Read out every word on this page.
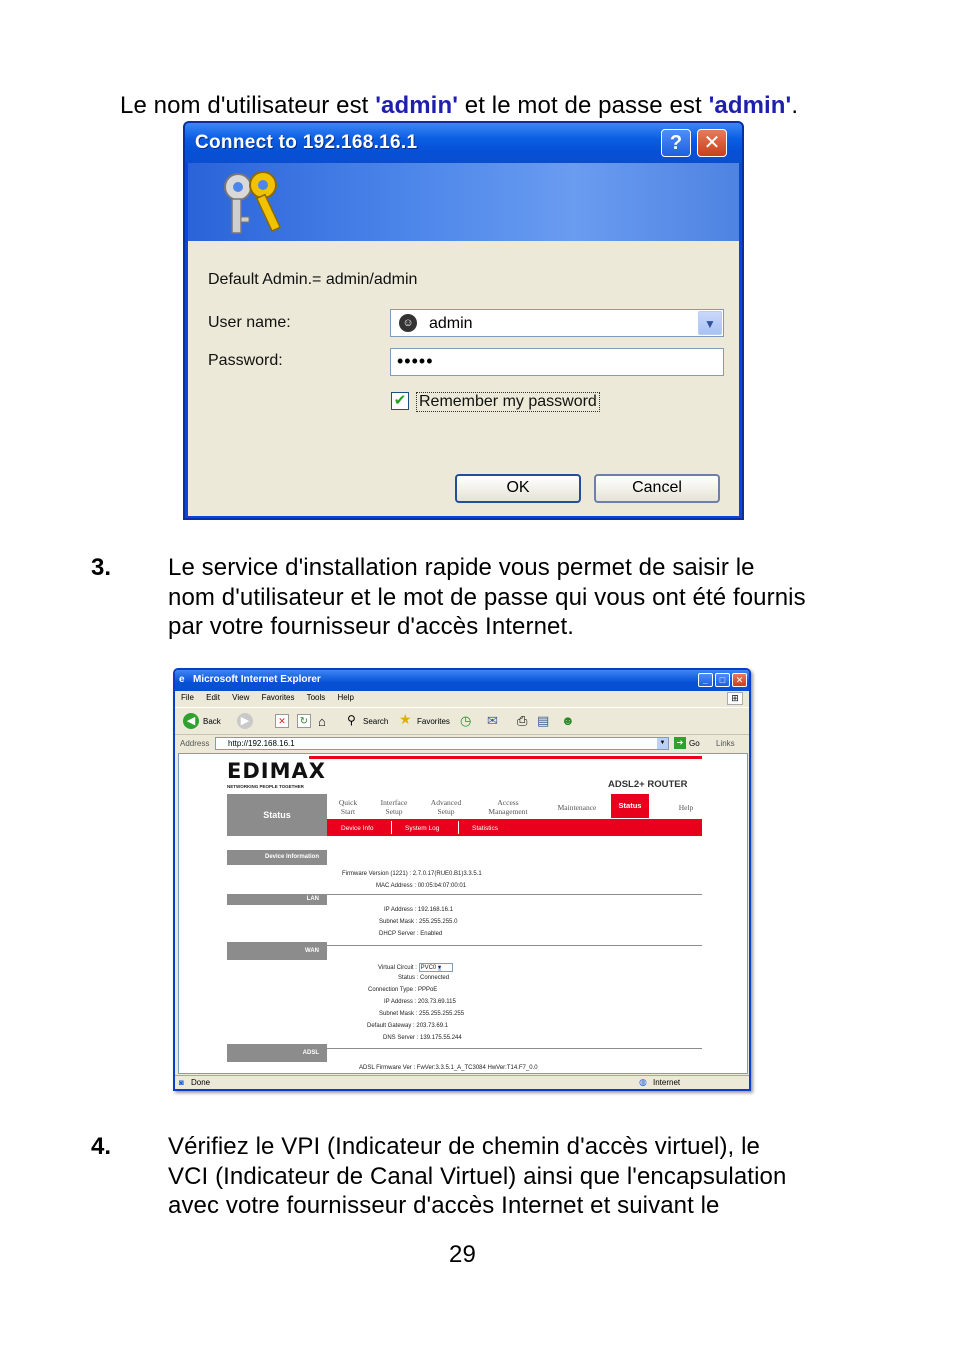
Le nom d'utilisateur est 'admin' et le mot de passe est 'admin'.
Connect to 192.168.16.1	?	✕
Default Admin.= admin/admin
User name:	☺ admin	▼
Password:	•••••
✔ Remember my password
OK	Cancel
3. Le service d'installation rapide vous permet de saisir le
nom d'utilisateur et le mot de passe qui vous ont été fournis
par votre fournisseur d'accès Internet.
Microsoft Internet Explorer
e	_	□	✕
File Edit View Favorites Tools Help	⊞
◀ Back	▶	✕	↻ ⌂ ⚲ Search ★ Favorites ◷ ✉ ⎙ ▤ ☻
Address http://192.168.16.1	▼	➔ Go Links
EDIMAX
NETWORKING PEOPLE TOGETHER	ADSL2+ ROUTER
Status
Quick
Start
Interface
Setup
Advanced
Setup
Access
Management	Maintenance	Status	Help
Device Info	System Log	Statistics
Device Information
Firmware Version (1221) : 2.7.0.17(RUE0.B1)3.3.5.1
MAC Address : 00:05:b4:07:00:01
LAN
IP Address : 192.168.16.1
Subnet Mask : 255.255.255.0
DHCP Server : Enabled
WAN
Virtual Circuit : PVC0 ▾
Status : Connected
Connection Type : PPPoE
IP Address : 203.73.69.115
Subnet Mask : 255.255.255.255
Default Gateway : 203.73.69.1
DNS Server : 139.175.55.244
ADSL
ADSL Firmware Ver : FwVer:3.3.5.1_A_TC3084 HwVer:T14.F7_0.0
◙ Done	◍ Internet
4. Vérifiez le VPI (Indicateur de chemin d'accès virtuel), le
VCI (Indicateur de Canal Virtuel) ainsi que l'encapsulation
avec votre fournisseur d'accès Internet et suivant le
29
